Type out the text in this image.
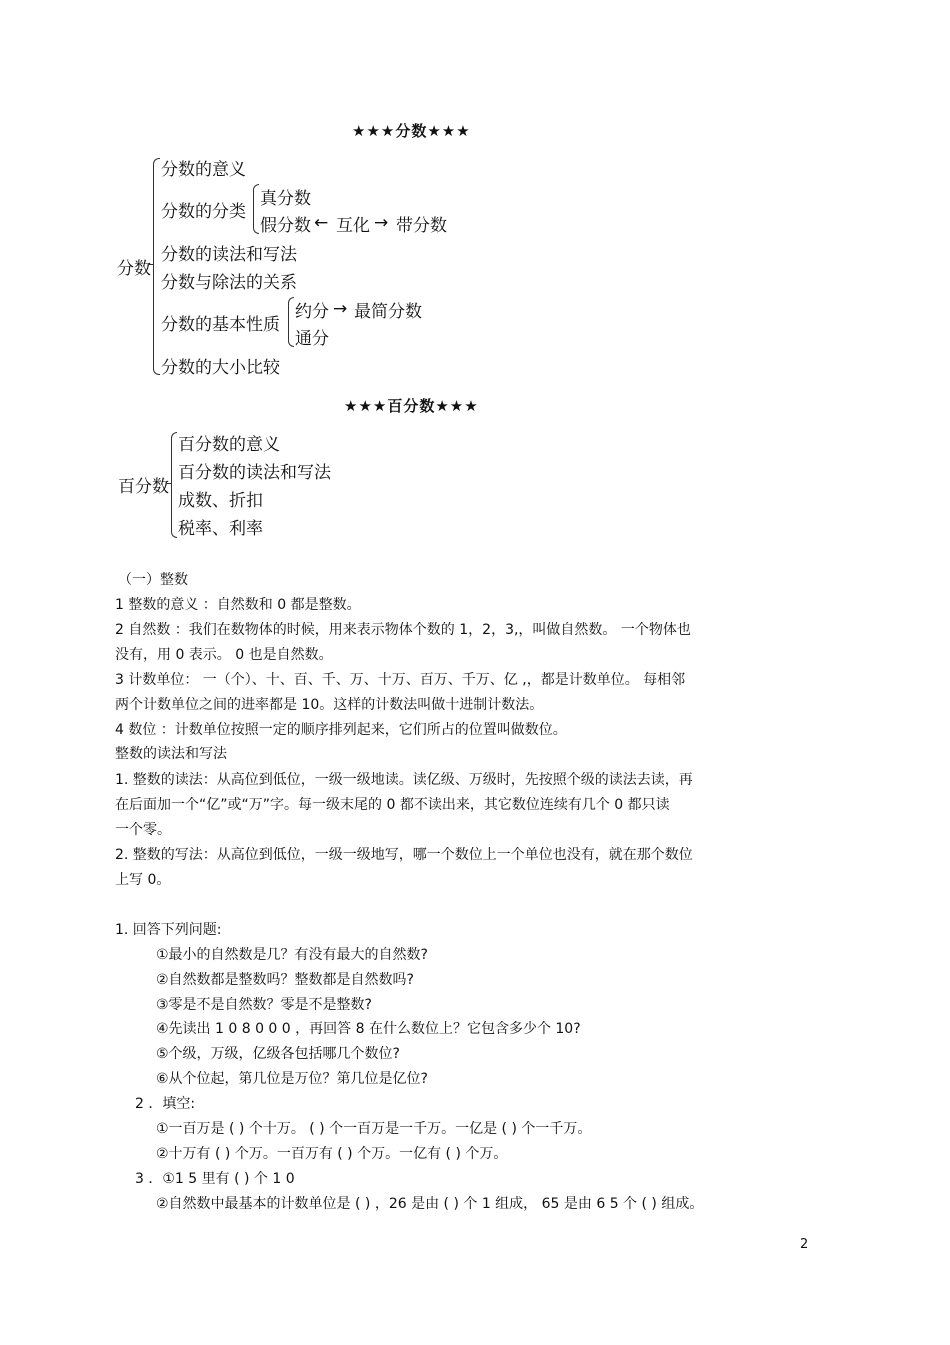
★★★分数★★★
分数
分数的意义
分数的分类
真分数
假分数 ← 互化 → 带分数
分数的读法和写法
分数与除法的关系
分数的基本性质
约分 → 最简分数
通分
分数的大小比较
★★★百分数★★★
百分数
百分数的意义
百分数的读法和写法
成数、折扣
税率、利率
（一）整数
1 整数的意义 ：自然数和 0 都是整数。
2 自然数 ：我们在数物体的时候，用来表示物体个数的 1，2，3,，叫做自然数。 一个物体也
没有，用 0 表示。 0 也是自然数。
3 计数单位： 一（个）、十、百、千、万、十万、百万、千万、亿 ,，都是计数单位。 每相邻
两个计数单位之间的进率都是 10。这样的计数法叫做十进制计数法。
4 数位 ：计数单位按照一定的顺序排列起来，它们所占的位置叫做数位。
整数的读法和写法
1. 整数的读法：从高位到低位，一级一级地读。读亿级、万级时，先按照个级的读法去读，再
在后面加一个“亿”或“万”字。每一级末尾的 0 都不读出来，其它数位连续有几个 0 都只读
一个零。
2. 整数的写法：从高位到低位，一级一级地写，哪一个数位上一个单位也没有，就在那个数位
上写 0。
1. 回答下列问题:
①最小的自然数是几？有没有最大的自然数?
②自然数都是整数吗？整数都是自然数吗?
③零是不是自然数？零是不是整数?
④先读出 1 0 8 0 0 0 ，再回答 8 在什么数位上？它包含多少个 10?
⑤个级，万级，亿级各包括哪几个数位?
⑥从个位起，第几位是万位？第几位是亿位?
2 ．填空:
①一百万是 ( ) 个十万。 ( ) 个一百万是一千万。一亿是 ( ) 个一千万。
②十万有 ( ) 个万。一百万有 ( ) 个万。一亿有 ( ) 个万。
3 ．①1 5 里有 ( ) 个 1 0
②自然数中最基本的计数单位是 ( ) ，26 是由 ( ) 个 1 组成， 65 是由 6 5 个 ( ) 组成。
2
